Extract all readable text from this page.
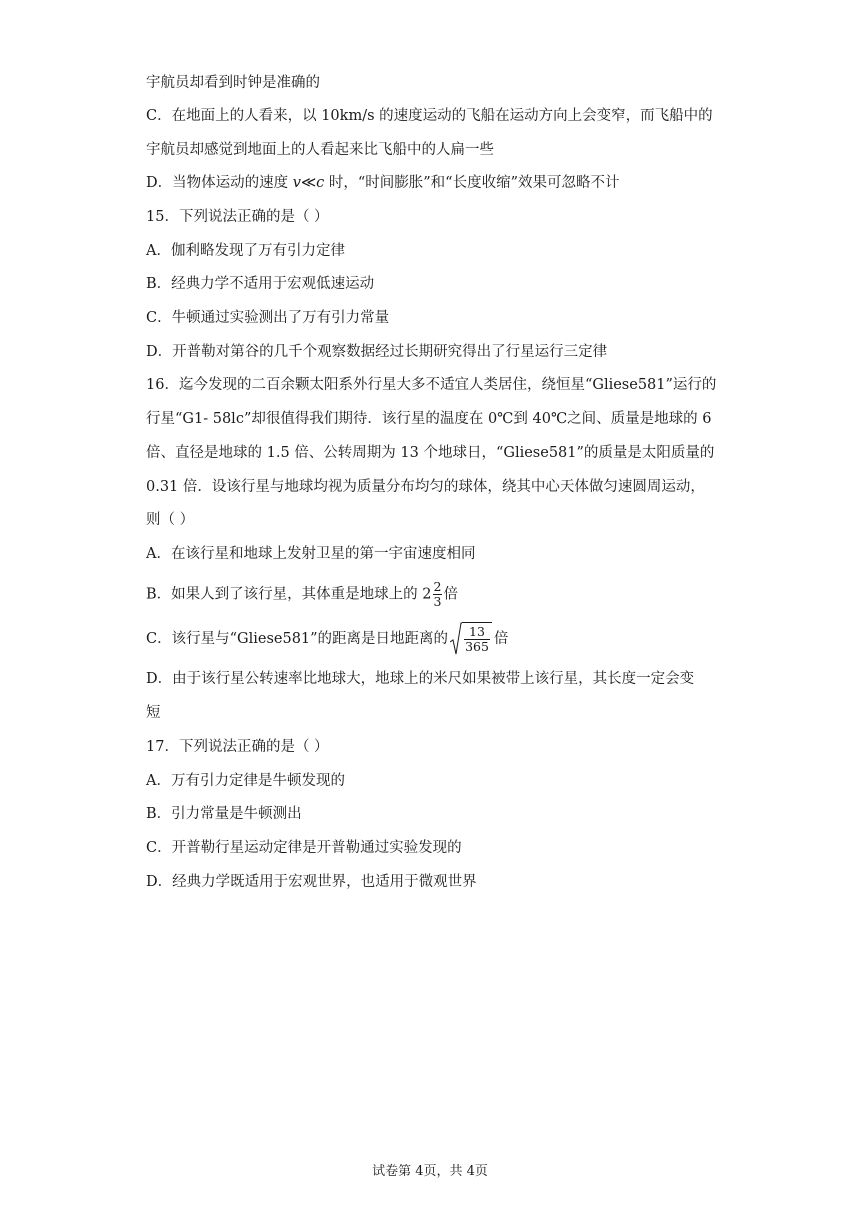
宇航员却看到时钟是准确的
C．在地面上的人看来，以 10km/s 的速度运动的飞船在运动方向上会变窄，而飞船中的
宇航员却感觉到地面上的人看起来比飞船中的人扁一些
D．当物体运动的速度 v≪c 时，“时间膨胀”和“长度收缩”效果可忽略不计
15．下列说法正确的是（ ）
A．伽利略发现了万有引力定律
B．经典力学不适用于宏观低速运动
C．牛顿通过实验测出了万有引力常量
D．开普勒对第谷的几千个观察数据经过长期研究得出了行星运行三定律
16．迄今发现的二百余颗太阳系外行星大多不适宜人类居住，绕恒星“Gliese581”运行的
行星“G1- 58lc”却很值得我们期待．该行星的温度在 0℃到 40℃之间、质量是地球的 6
倍、直径是地球的 1.5 倍、公转周期为 13 个地球日，“Gliese581”的质量是太阳质量的
0.31 倍．设该行星与地球均视为质量分布均匀的球体，绕其中心天体做匀速圆周运动，
则（ ）
A．在该行星和地球上发射卫星的第一宇宙速度相同
B．如果人到了该行星，其体重是地球上的 $2 \frac{2}{3}$ 倍
C．该行星与“Gliese581”的距离是日地距离的 $\frac{13}{365}$ 倍
D．由于该行星公转速率比地球大，地球上的米尺如果被带上该行星，其长度一定会变
短
17．下列说法正确的是（ ）
A．万有引力定律是牛顿发现的
B．引力常量是牛顿测出
C．开普勒行星运动定律是开普勒通过实验发现的
D．经典力学既适用于宏观世界，也适用于微观世界
试卷第 4页，共 4页
